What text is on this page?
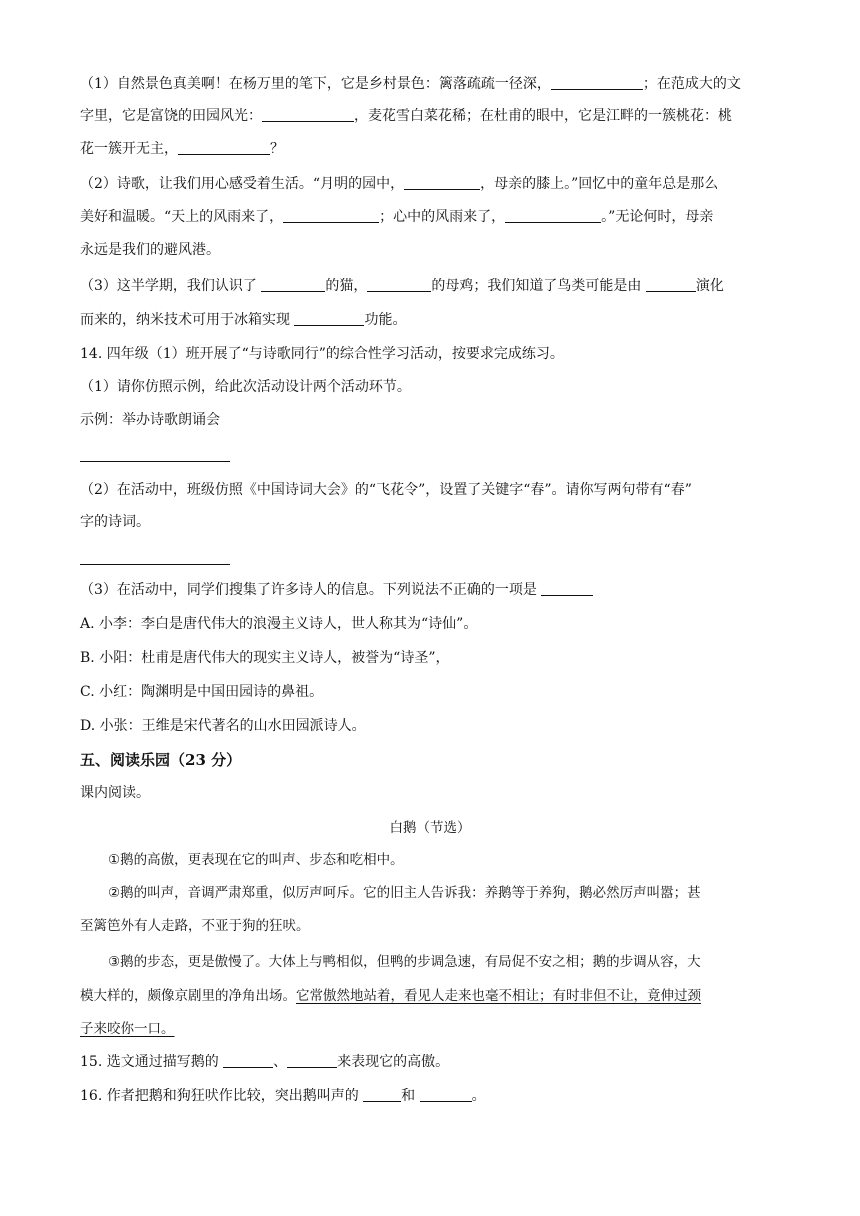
（1）自然景色真美啊！在杨万里的笔下，它是乡村景色：篱落疏疏一径深，	；在范成大的文
字里，它是富饶的田园风光：	，麦花雪白菜花稀；在杜甫的眼中，它是江畔的一簇桃花：桃
花一簇开无主，	？
（2）诗歌，让我们用心感受着生活。“月明的园中，	，母亲的膝上。”回忆中的童年总是那么
美好和温暖。“天上的风雨来了，	；心中的风雨来了，	。”无论何时，母亲
永远是我们的避风港。
（3）这半学期，我们认识了	的猫，	的母鸡；我们知道了鸟类可能是由	演化
而来的，纳米技术可用于冰箱实现	功能。
14. 四年级（1）班开展了“与诗歌同行”的综合性学习活动，按要求完成练习。
（1）请你仿照示例，给此次活动设计两个活动环节。
示例：举办诗歌朗诵会
（2）在活动中，班级仿照《中国诗词大会》的“飞花令”，设置了关键字“春”。请你写两句带有“春”
字的诗词。
（3）在活动中，同学们搜集了许多诗人的信息。下列说法不正确的一项是
A. 小李：李白是唐代伟大的浪漫主义诗人，世人称其为“诗仙”。
B. 小阳：杜甫是唐代伟大的现实主义诗人，被誉为“诗圣”，
C. 小红：陶渊明是中国田园诗的鼻祖。
D. 小张：王维是宋代著名的山水田园派诗人。
五、阅读乐园（23 分）
课内阅读。
白鹅（节选）
①鹅的高傲，更表现在它的叫声、步态和吃相中。
②鹅的叫声，音调严肃郑重，似厉声呵斥。它的旧主人告诉我：养鹅等于养狗，鹅必然厉声叫嚣；甚
至篱笆外有人走路，不亚于狗的狂吠。
③鹅的步态，更是傲慢了。大体上与鸭相似，但鸭的步调急速，有局促不安之相；鹅的步调从容，大
模大样的，颇像京剧里的净角出场。它常傲然地站着，看见人走来也毫不相让；有时非但不让，竟伸过颈
子来咬你一口。
15. 选文通过描写鹅的	、	来表现它的高傲。
16. 作者把鹅和狗狂吠作比较，突出鹅叫声的	和	。
